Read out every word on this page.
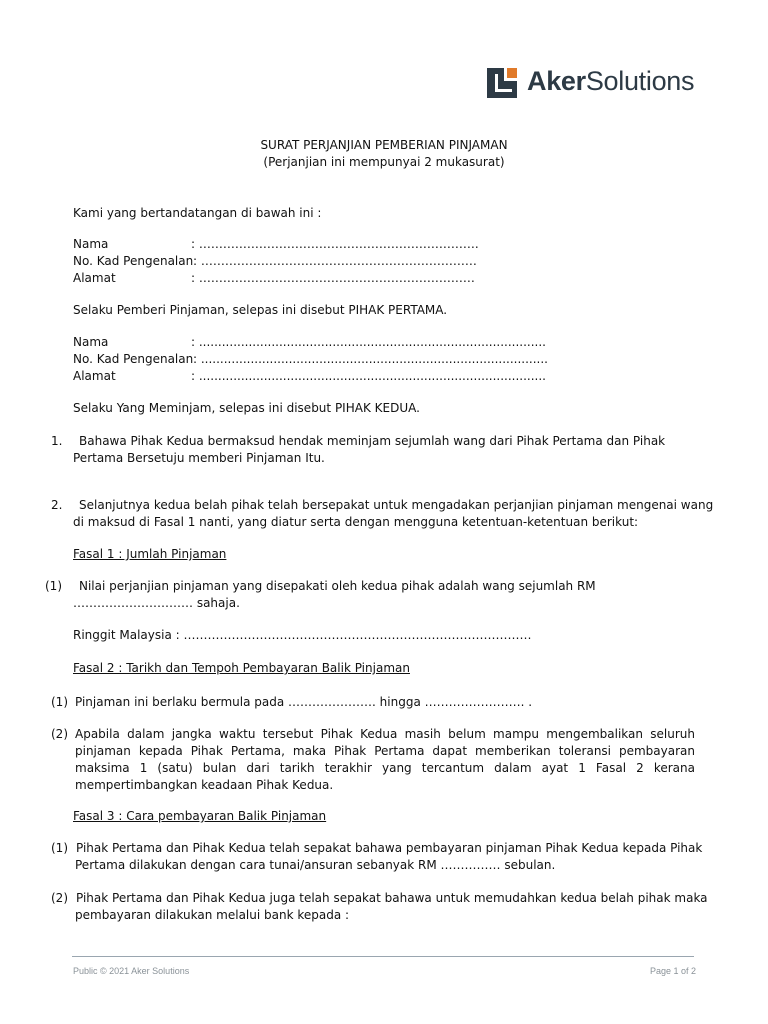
AkerSolutions
SURAT PERJANJIAN PEMBERIAN PINJAMAN
(Perjanjian ini mempunyai 2 mukasurat)
Kami yang bertandatangan di bawah ini :
Nama	: …………………………………………………………….
No. Kad Pengenalan : ……………………………………………………………
Alamat	: ……………………………………………………………
Selaku Pemberi Pinjaman, selepas ini disebut PIHAK PERTAMA.
Nama	: ...........................................................................................
No. Kad Pengenalan : ...........................................................................................
Alamat	: ...........................................................................................
Selaku Yang Meminjam, selepas ini disebut PIHAK KEDUA.
1.	Bahawa Pihak Kedua bermaksud hendak meminjam sejumlah wang dari Pihak Pertama dan Pihak Pertama Bersetuju memberi Pinjaman Itu.
2. Selanjutnya kedua belah pihak telah bersepakat untuk mengadakan perjanjian pinjaman mengenai wang
di maksud di Fasal 1 nanti, yang diatur serta dengan mengguna ketentuan-ketentuan berikut:
Fasal 1 : Jumlah Pinjaman
(1) Nilai perjanjian pinjaman yang disepakati oleh kedua pihak adalah wang sejumlah RM
………………………… sahaja.
Ringgit Malaysia : ……………………………………………………………………………
Fasal 2 : Tarikh dan Tempoh Pembayaran Balik Pinjaman
(1) Pinjaman ini berlaku bermula pada …………………. hingga ……………………. .
(2) Apabila dalam jangka waktu tersebut Pihak Kedua masih belum mampu mengembalikan seluruh pinjaman kepada Pihak Pertama, maka Pihak Pertama dapat memberikan toleransi pembayaran maksima 1 (satu) bulan dari tarikh terakhir yang tercantum dalam ayat 1 Fasal 2 kerana mempertimbangkan keadaan Pihak Kedua.
Fasal 3 : Cara pembayaran Balik Pinjaman
(1) Pihak Pertama dan Pihak Kedua telah sepakat bahawa pembayaran pinjaman Pihak Kedua kepada Pihak
Pertama dilakukan dengan cara tunai/ansuran sebanyak RM …………… sebulan.
(2) Pihak Pertama dan Pihak Kedua juga telah sepakat bahawa untuk memudahkan kedua belah pihak maka
pembayaran dilakukan melalui bank kepada :
Public © 2021 Aker Solutions	Page 1 of 2
